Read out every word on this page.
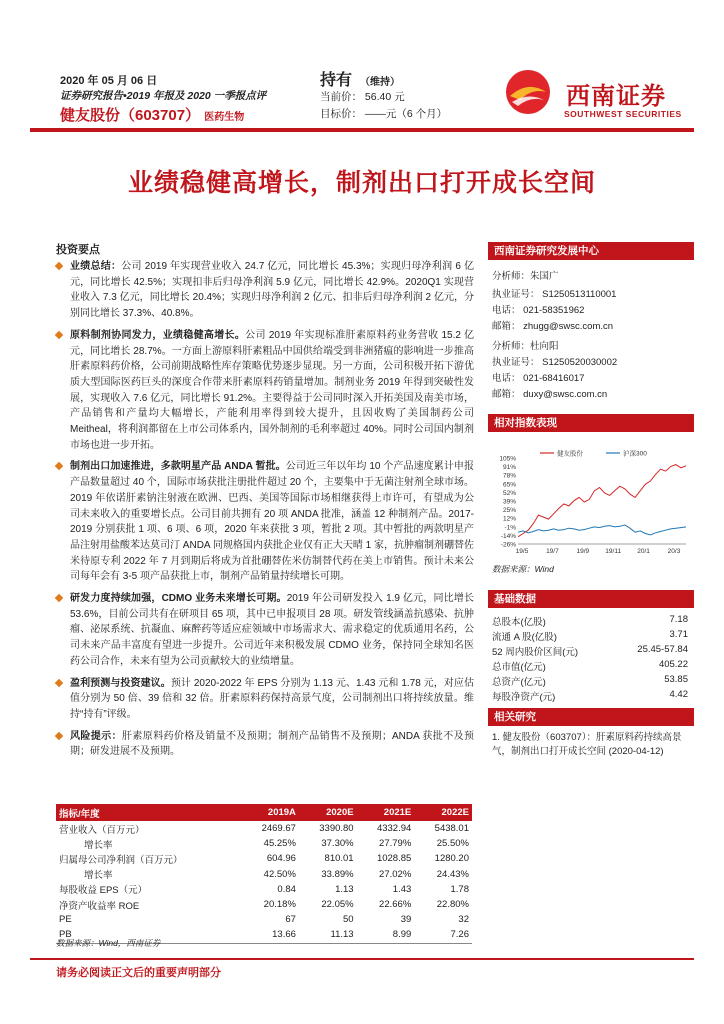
2020 年 05 月 06 日
证券研究报告•2019 年报及 2020 一季报点评
健友股份（603707） 医药生物
持有 （维持）
当前价： 56.40 元
目标价： ——元（6 个月）
西南证券
SOUTHWEST SECURITIES
业绩稳健高增长，制剂出口打开成长空间
投资要点
业绩总结：公司 2019 年实现营业收入 24.7 亿元，同比增长 45.3%；实现归母净利润 6 亿元，同比增长 42.5%；实现扣非后归母净利润 5.9 亿元，同比增长 42.9%。2020Q1 实现营业收入 7.3 亿元，同比增长 20.4%；实现归母净利润 2 亿元、扣非后归母净利润 2 亿元，分别同比增长 37.3%、40.8%。
原料制剂协同发力，业绩稳健高增长。公司 2019 年实现标准肝素原料药业务营收 15.2 亿元，同比增长 28.7%。一方面上游原料肝素粗品中国供给端受到非洲猪瘟的影响进一步推高肝素原料药价格，公司前期战略性库存策略优势逐步显现。另一方面，公司积极开拓下游优质大型国际医药巨头的深度合作带来肝素原料药销量增加。制剂业务 2019 年得到突破性发展，实现收入 7.6 亿元，同比增长 91.2%。主要得益于公司同时深入开拓美国及南美市场，产品销售和产量均大幅增长，产能利用率得到较大提升，且因收购了美国制药公司 Meitheal，将利润都留在上市公司体系内，国外制剂的毛利率超过 40%。同时公司国内制剂市场也进一步开拓。
制剂出口加速推进，多款明星产品 ANDA 暂批。公司近三年以年均 10 个产品速度累计申报产品数量超过 40 个，国际市场获批注册批件超过 20 个，主要集中于无菌注射剂全球市场。2019 年依诺肝素钠注射液在欧洲、巴西、美国等国际市场相继获得上市许可，有望成为公司未来收入的重要增长点。公司目前共拥有 20 项 ANDA 批准，涵盖 12 种制剂产品。2017-2019 分别获批 1 项、6 项、6 项，2020 年来获批 3 项，暂批 2 项。其中暂批的两款明星产品注射用盐酸苯达莫司汀 ANDA 同规格国内获批企业仅有正大天晴 1 家，抗肿瘤制剂硼替佐米待原专利 2022 年 7 月到期后将成为首批硼替佐米仿制替代药在美上市销售。预计未来公司每年会有 3-5 项产品获批上市，制剂产品销量持续增长可期。
研发力度持续加强，CDMO 业务未来增长可期。2019 年公司研发投入 1.9 亿元，同比增长 53.6%，目前公司共有在研项目 65 项，其中已申报项目 28 项。研发管线涵盖抗感染、抗肿瘤、泌尿系统、抗凝血、麻醉药等适应症领域中市场需求大、需求稳定的优质通用名药，公司未来产品丰富度有望进一步提升。公司近年来积极发展 CDMO 业务，保持同全球知名医药公司合作，未来有望为公司贡献较大的业绩增量。
盈利预测与投资建议。预计 2020-2022 年 EPS 分别为 1.13 元、1.43 元和 1.78 元，对应估值分别为 50 倍、39 倍和 32 倍。肝素原料药保持高景气度，公司制剂出口将持续放量。维持“持有”评级。
风险提示：肝素原料药价格及销量不及预期；制剂产品销售不及预期；ANDA 获批不及预期；研发进展不及预期。
西南证券研究发展中心
分析师：朱国广
执业证号： S1250513110001
电话： 021-58351962
邮箱： zhugg@swsc.com.cn
分析师：杜向阳
执业证号： S1250520030002
电话： 021-68416017
邮箱： duxy@swsc.com.cn
相对指数表现
105%
91%
78%
65%
52%
39%
25%
12%
-1%
-14%
-26%
19/5	19/7	19/9 19/11 20/1	20/3
健友股份	沪深300
数据来源：Wind
基础数据
总股本(亿股)	7.18
流通 A 股(亿股)	3.71
52 周内股价区间(元)	25.45-57.84
总市值(亿元)	405.22
总资产(亿元)	53.85
每股净资产(元)	4.42
相关研究
1. 健友股份（603707）：肝素原料药持续高景气，制剂出口打开成长空间 (2020-04-12)
指标/年度	2019A	2020E	2021E	2022E
营业收入（百万元）	2469.67	3390.80	4332.94	5438.01
增长率	45.25%	37.30%	27.79%	25.50%
归属母公司净利润（百万元）	604.96	810.01	1028.85	1280.20
增长率	42.50%	33.89%	27.02%	24.43%
每股收益 EPS（元）	0.84	1.13	1.43	1.78
净资产收益率 ROE	20.18%	22.05%	22.66%	22.80%
PE	67	50	39	32
PB	13.66	11.13	8.99	7.26
数据来源：Wind，西南证券
请务必阅读正文后的重要声明部分
